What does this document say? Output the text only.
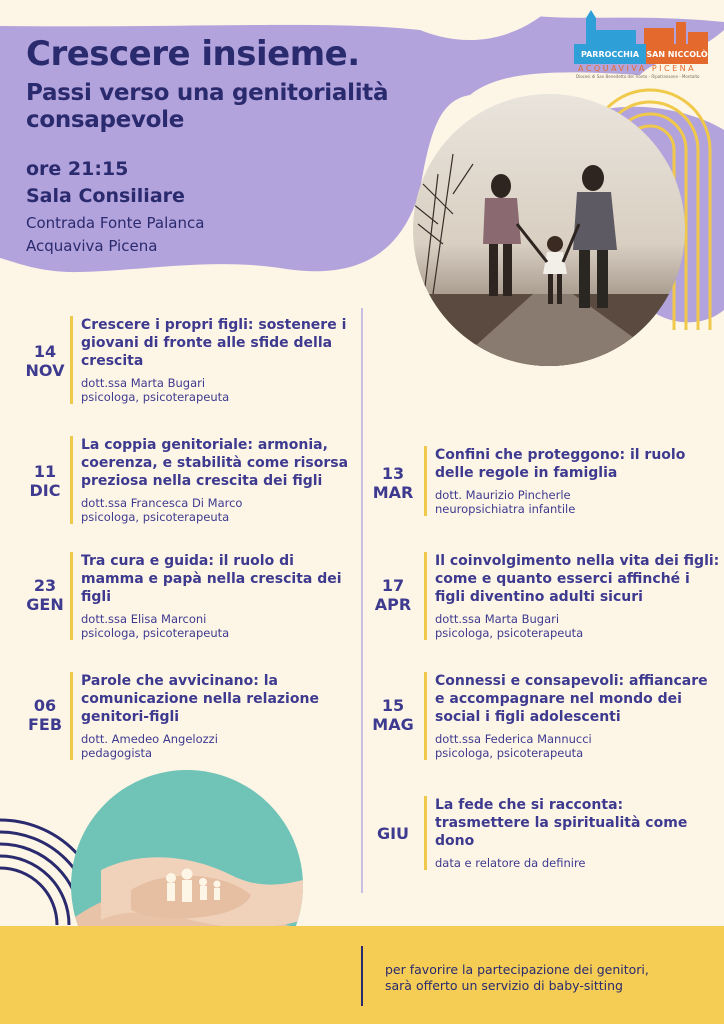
Crescere insieme.
Passi verso una genitorialità consapevole
ore 21:15
Sala Consiliare
Contrada Fonte Palanca
Acquaviva Picena
PARROCCHIA SAN NICCOLÒ
ACQUAVIVA PICENA
Diocesi di San Benedetto del Tronto - Ripatransone - Montalto
14
NOV

Crescere i propri figli: sostenere i giovani di fronte alle sfide della crescita

dott.ssa Marta Bugari
psicologa, psicoterapeuta
11
DIC

La coppia genitoriale: armonia, coerenza, e stabilità come risorsa preziosa nella crescita dei figli

dott.ssa Francesca Di Marco
psicologa, psicoterapeuta
23
GEN

Tra cura e guida: il ruolo di mamma e papà nella crescita dei figli

dott.ssa Elisa Marconi
psicologa, psicoterapeuta
06
FEB

Parole che avvicinano: la comunicazione nella relazione genitori-figli

dott. Amedeo Angelozzi
pedagogista
13
MAR

Confini che proteggono: il ruolo delle regole in famiglia

dott. Maurizio Pincherle
neuropsichiatra infantile
17
APR

Il coinvolgimento nella vita dei figli: come e quanto esserci affinché i figli diventino adulti sicuri

dott.ssa Marta Bugari
psicologa, psicoterapeuta
15
MAG

Connessi e consapevoli: affiancare e accompagnare nel mondo dei social i figli adolescenti

dott.ssa Federica Mannucci
psicologa, psicoterapeuta
GIU

La fede che si racconta: trasmettere la spiritualità come dono

data e relatore da definire
per favorire la partecipazione dei genitori,
sarà offerto un servizio di baby-sitting
